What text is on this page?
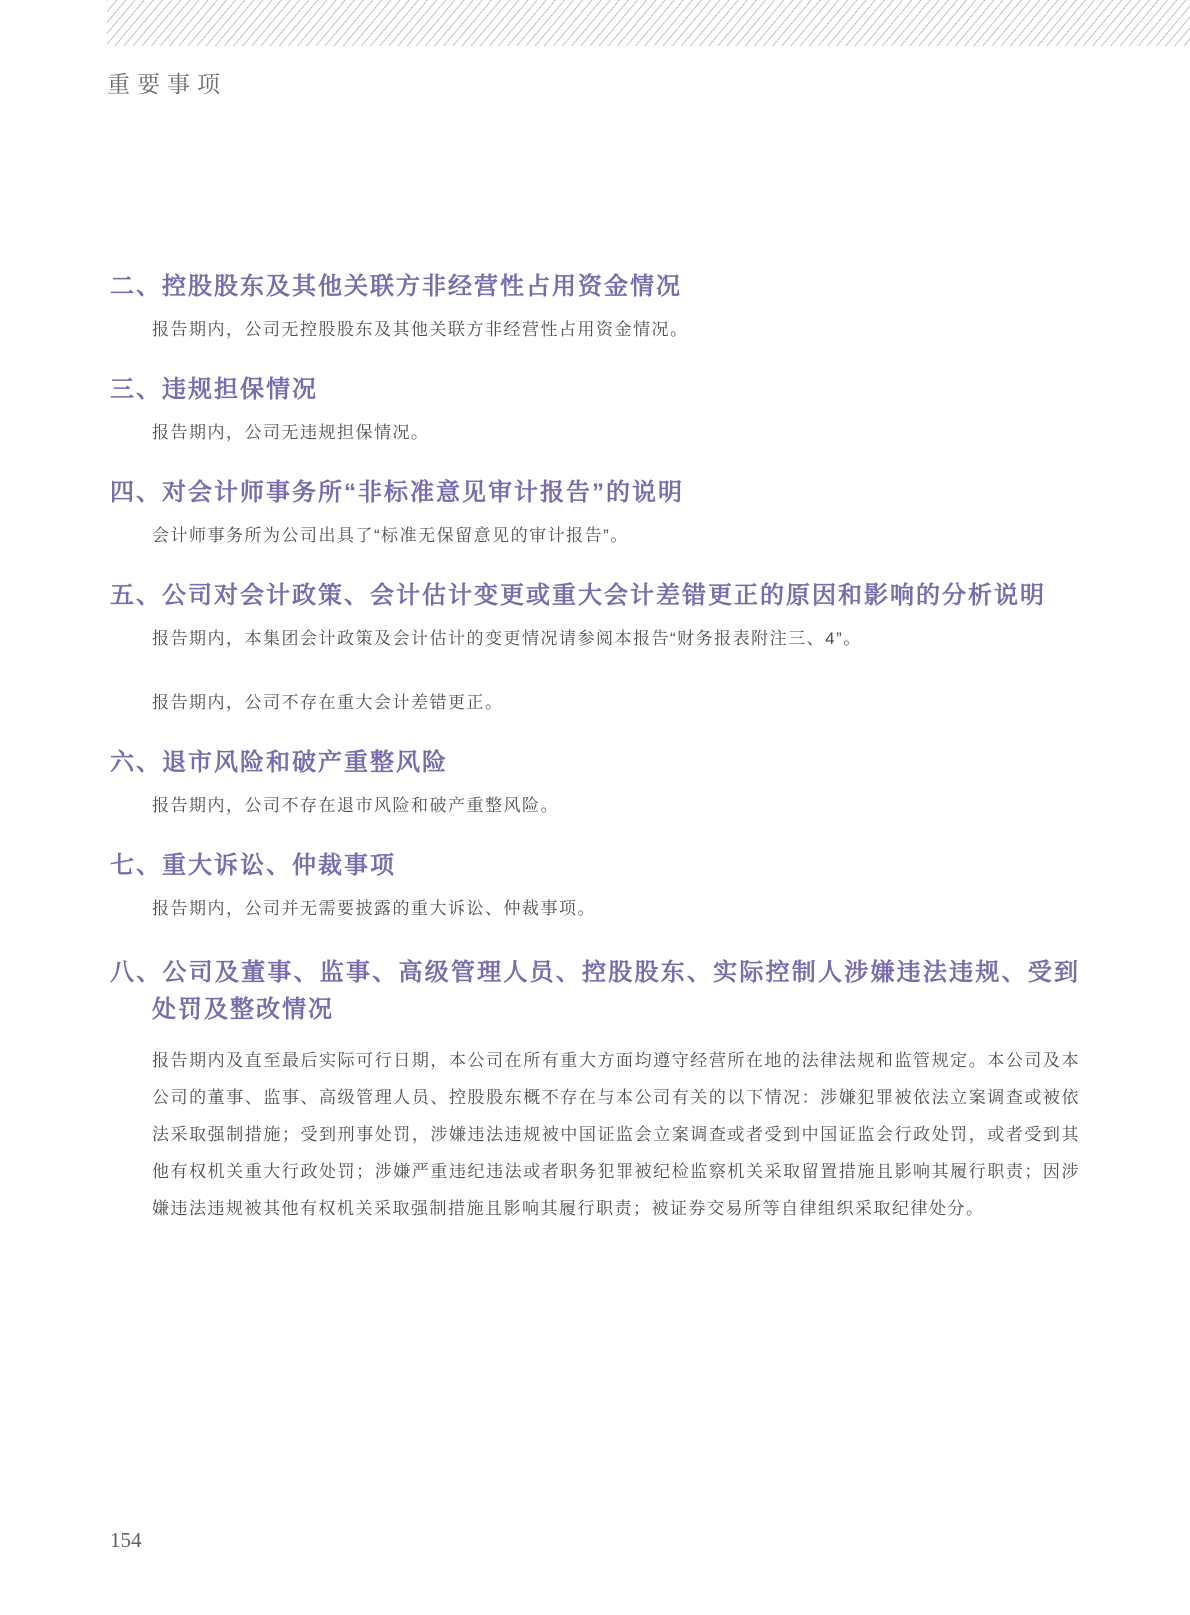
重要事项
二、控股股东及其他关联方非经营性占用资金情况

报告期内，公司无控股股东及其他关联方非经营性占用资金情况。

三、违规担保情况

报告期内，公司无违规担保情况。

四、对会计师事务所“非标准意见审计报告”的说明

会计师事务所为公司出具了“标准无保留意见的审计报告”。

五、公司对会计政策、会计估计变更或重大会计差错更正的原因和影响的分析说明

报告期内，本集团会计政策及会计估计的变更情况请参阅本报告“财务报表附注三、4”。

报告期内，公司不存在重大会计差错更正。

六、退市风险和破产重整风险

报告期内，公司不存在退市风险和破产重整风险。

七、重大诉讼、仲裁事项

报告期内，公司并无需要披露的重大诉讼、仲裁事项。

八、公司及董事、监事、高级管理人员、控股股东、实际控制人涉嫌违法违规、受到处罚及整改情况

报告期内及直至最后实际可行日期，本公司在所有重大方面均遵守经营所在地的法律法规和监管规定。本公司及本公司的董事、监事、高级管理人员、控股股东概不存在与本公司有关的以下情况：涉嫌犯罪被依法立案调查或被依法采取强制措施；受到刑事处罚，涉嫌违法违规被中国证监会立案调查或者受到中国证监会行政处罚，或者受到其他有权机关重大行政处罚；涉嫌严重违纪违法或者职务犯罪被纪检监察机关采取留置措施且影响其履行职责；因涉嫌违法违规被其他有权机关采取强制措施且影响其履行职责；被证券交易所等自律组织采取纪律处分。

154
